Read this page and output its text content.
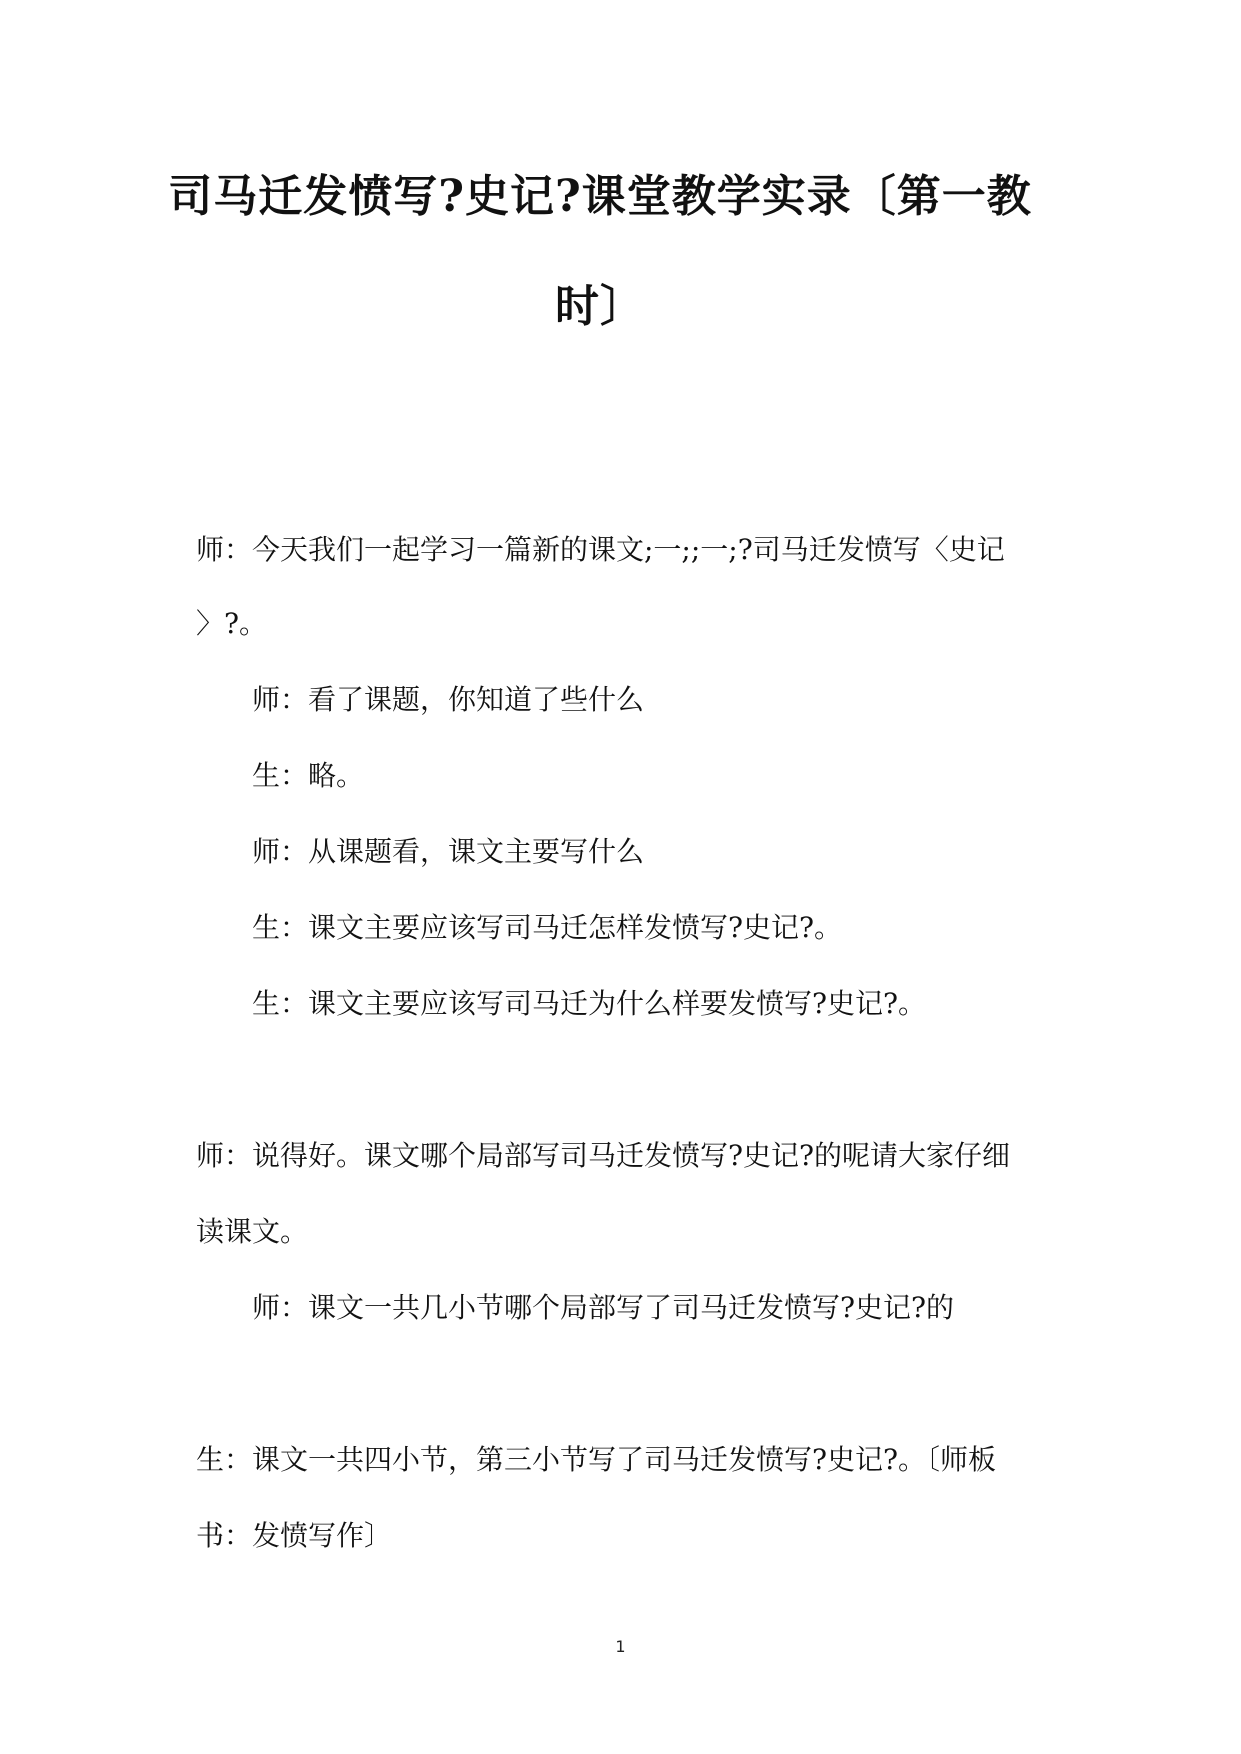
司马迁发愤写?史记?课堂教学实录〔第一教
时〕

师：今天我们一起学习一篇新的课文;一;;一;?司马迁发愤写〈史记

〉?。

师：看了课题，你知道了些什么

生：略。

师：从课题看，课文主要写什么

生：课文主要应该写司马迁怎样发愤写?史记?。

生：课文主要应该写司马迁为什么样要发愤写?史记?。

师：说得好。课文哪个局部写司马迁发愤写?史记?的呢请大家仔细

读课文。

师：课文一共几小节哪个局部写了司马迁发愤写?史记?的

生：课文一共四小节，第三小节写了司马迁发愤写?史记?。〔师板

书：发愤写作〕

1
